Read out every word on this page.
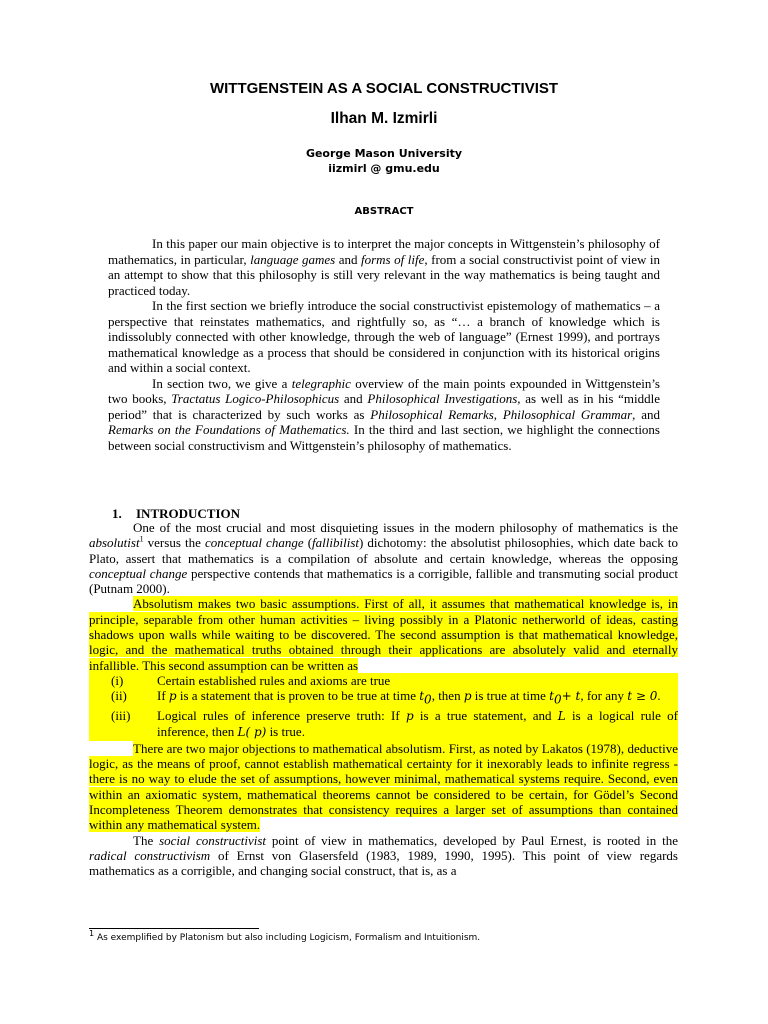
WITTGENSTEIN AS A SOCIAL CONSTRUCTIVIST
Ilhan M. Izmirli
George Mason University
iizmirl @ gmu.edu
ABSTRACT

In this paper our main objective is to interpret the major concepts in Wittgenstein’s philosophy of mathematics, in particular, language games and forms of life, from a social constructivist point of view in an attempt to show that this philosophy is still very relevant in the way mathematics is being taught and practiced today.

In the first section we briefly introduce the social constructivist epistemology of mathematics – a perspective that reinstates mathematics, and rightfully so, as “… a branch of knowledge which is indissolubly connected with other knowledge, through the web of language” (Ernest 1999), and portrays mathematical knowledge as a process that should be considered in conjunction with its historical origins and within a social context.

In section two, we give a telegraphic overview of the main points expounded in Wittgenstein’s two books, Tractatus Logico-Philosophicus and Philosophical Investigations, as well as in his “middle period” that is characterized by such works as Philosophical Remarks, Philosophical Grammar, and Remarks on the Foundations of Mathematics. In the third and last section, we highlight the connections between social constructivism and Wittgenstein’s philosophy of mathematics.

1. INTRODUCTION

One of the most crucial and most disquieting issues in the modern philosophy of mathematics is the absolutist$^1$ versus the conceptual change (fallibilist) dichotomy: the absolutist philosophies, which date back to Plato, assert that mathematics is a compilation of absolute and certain knowledge, whereas the opposing conceptual change perspective contends that mathematics is a corrigible, fallible and transmuting social product (Putnam 2000).

Absolutism makes two basic assumptions. First of all, it assumes that mathematical knowledge is, in principle, separable from other human activities – living possibly in a Platonic netherworld of ideas, casting shadows upon walls while waiting to be discovered. The second assumption is that mathematical knowledge, logic, and the mathematical truths obtained through their applications are absolutely valid and eternally infallible. This second assumption can be written as

(i)	Certain established rules and axioms are true
(ii) If p is a statement that is proven to be true at time $t_0$, then p is true at time $t_0+ t$, for any t ≥ 0.
(iii) Logical rules of inference preserve truth: If p is a true statement, and L is a logical rule of inference, then L( p) is true.

There are two major objections to mathematical absolutism. First, as noted by Lakatos (1978), deductive logic, as the means of proof, cannot establish mathematical certainty for it inexorably leads to infinite regress - there is no way to elude the set of assumptions, however minimal, mathematical systems require. Second, even within an axiomatic system, mathematical theorems cannot be considered to be certain, for Gödel’s Second Incompleteness Theorem demonstrates that consistency requires a larger set of assumptions than contained within any mathematical system.

The social constructivist point of view in mathematics, developed by Paul Ernest, is rooted in the radical constructivism of Ernst von Glasersfeld (1983, 1989, 1990, 1995). This point of view regards mathematics as a corrigible, and changing social construct, that is, as a

$^1$ As exemplified by Platonism but also including Logicism, Formalism and Intuitionism.
